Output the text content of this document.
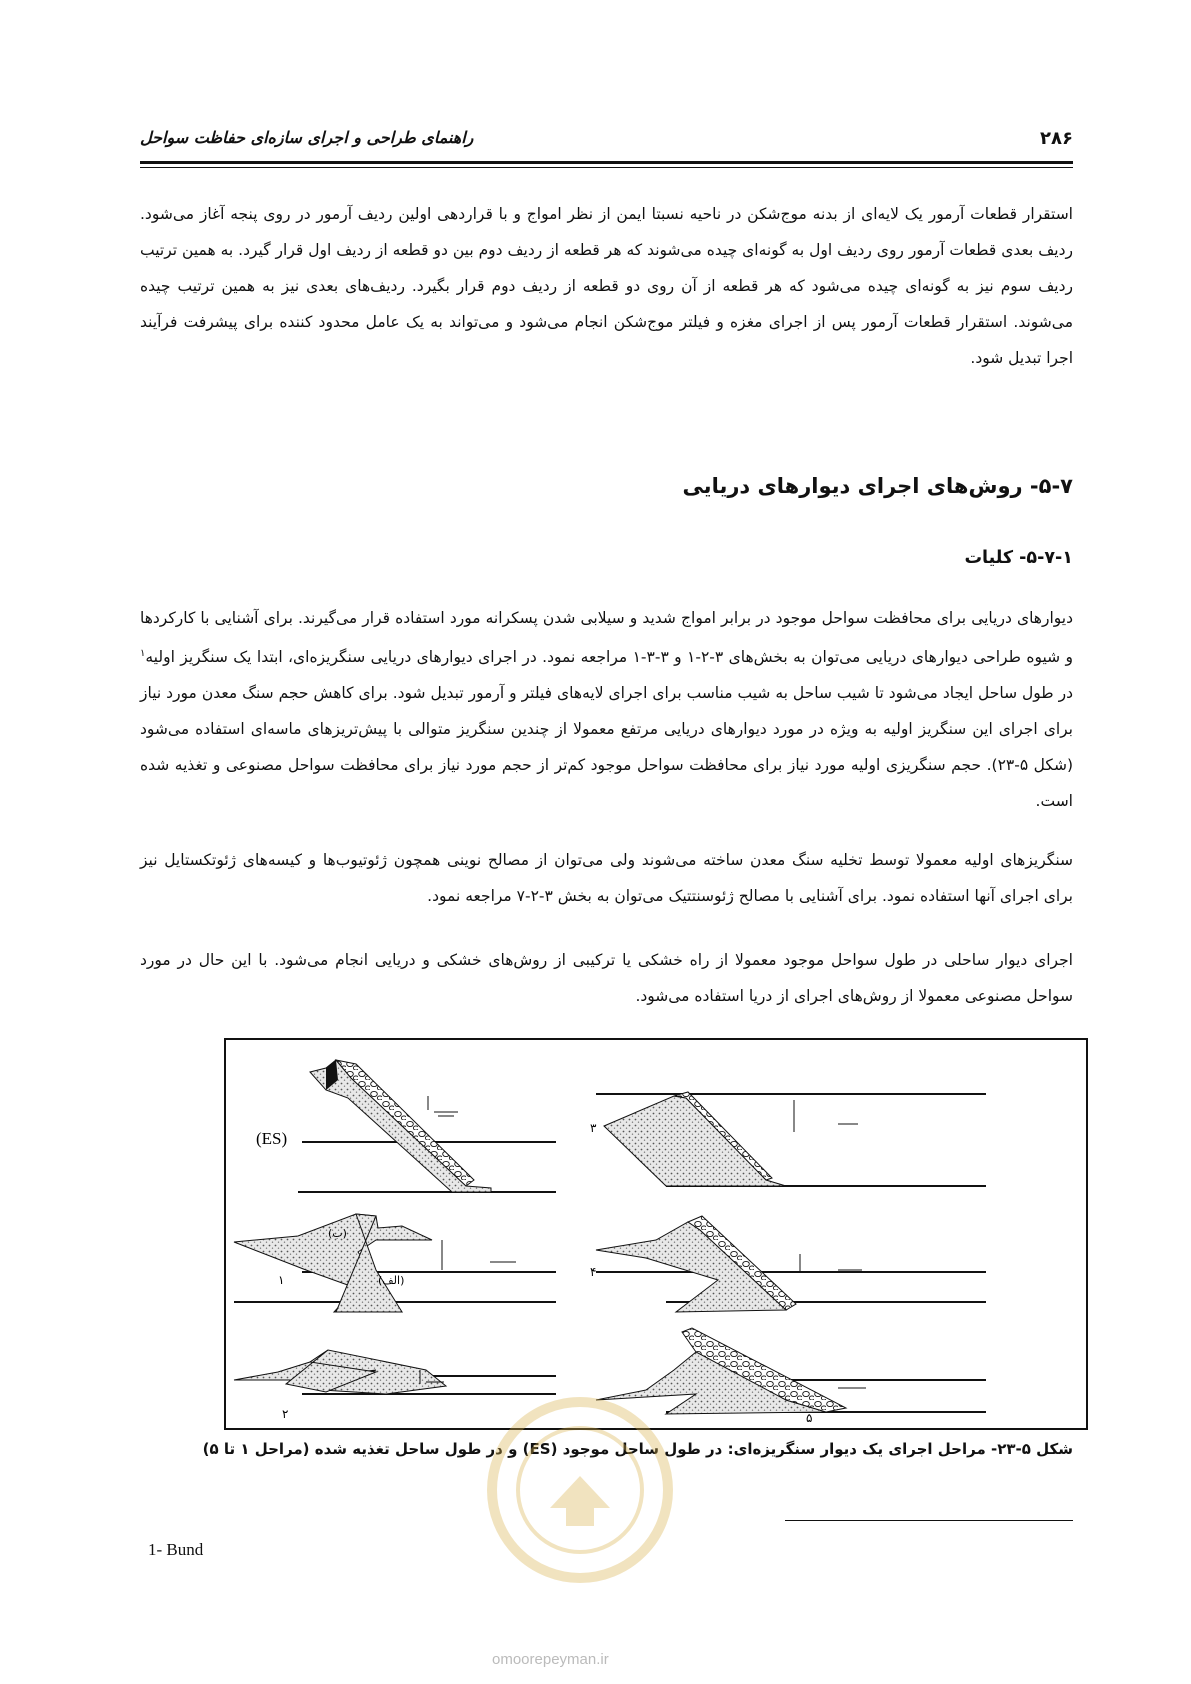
۲۸۶
راهنمای طراحی و اجرای سازه‌ای حفاظت سواحل

استقرار قطعات آرمور یک لایه‌ای از بدنه موج‌شکن در ناحیه نسبتا ایمن از نظر امواج و با قراردهی اولین ردیف آرمور در روی پنجه آغاز می‌شود. ردیف بعدی قطعات آرمور روی ردیف اول به گونه‌ای چیده می‌شوند که هر قطعه از ردیف دوم بین دو قطعه از ردیف اول قرار گیرد. به همین ترتیب ردیف سوم نیز به گونه‌ای چیده می‌شود که هر قطعه از آن روی دو قطعه از ردیف دوم قرار بگیرد. ردیف‌های بعدی نیز به همین ترتیب چیده می‌شوند. استقرار قطعات آرمور پس از اجرای مغزه و فیلتر موج‌شکن انجام می‌شود و می‌تواند به یک عامل محدود کننده برای پیشرفت فرآیند اجرا تبدیل شود.

۵-۷- روش‌های اجرای دیوارهای دریایی
۵-۷-۱- کلیات

دیوارهای دریایی برای محافظت سواحل موجود در برابر امواج شدید و سیلابی شدن پسکرانه مورد استفاده قرار می‌گیرند. برای آشنایی با کارکردها و شیوه طراحی دیوارهای دریایی می‌توان به بخش‌های ۳-۲-۱ و ۳-۳-۱ مراجعه نمود. در اجرای دیوارهای دریایی سنگریزه‌ای، ابتدا یک سنگریز اولیه$^۱$ در طول ساحل ایجاد می‌شود تا شیب ساحل به شیب مناسب برای اجرای لایه‌های فیلتر و آرمور تبدیل شود. برای کاهش حجم سنگ معدن مورد نیاز برای اجرای این سنگریز اولیه به ویژه در مورد دیوارهای دریایی مرتفع معمولا از چندین سنگریز متوالی با پیش‌تریزهای ماسه‌ای استفاده می‌شود (شکل ۵-۲۳). حجم سنگریزی اولیه مورد نیاز برای محافظت سواحل موجود کم‌تر از حجم مورد نیاز برای محافظت سواحل مصنوعی و تغذیه شده است.

سنگریزهای اولیه معمولا توسط تخلیه سنگ معدن ساخته می‌شوند ولی می‌توان از مصالح نوینی همچون ژئوتیوب‌ها و کیسه‌های ژئوتکستایل نیز برای اجرای آنها استفاده نمود. برای آشنایی با مصالح ژئوسنتتیک می‌توان به بخش ۳-۲-۷ مراجعه نمود.

اجرای دیوار ساحلی در طول سواحل موجود معمولا از راه خشکی یا ترکیبی از روش‌های خشکی و دریایی انجام می‌شود. با این حال در مورد سواحل مصنوعی معمولا از روش‌های اجرای از دریا استفاده می‌شود.

(ES)
۳
(ب)
(الف)
۱
۴
۲	۵
شکل ۵-۲۳- مراحل اجرای یک دیوار سنگریزه‌ای: در طول ساحل موجود (ES) و در طول ساحل تغذیه شده (مراحل ۱ تا ۵)
1- Bund
omoorepeyman.ir
